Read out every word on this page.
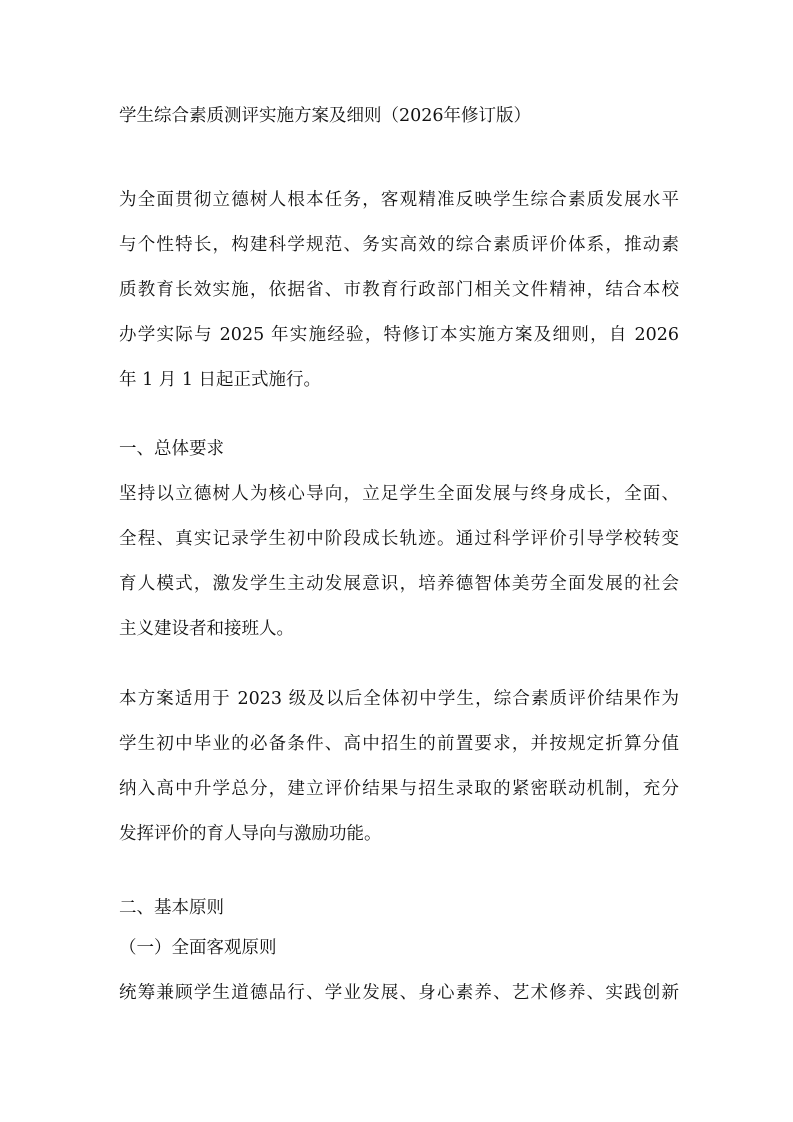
学生综合素质测评实施方案及细则（2026年修订版）
为全面贯彻立德树人根本任务，客观精准反映学生综合素质发展水平
与个性特长，构建科学规范、务实高效的综合素质评价体系，推动素
质教育长效实施，依据省、市教育行政部门相关文件精神，结合本校
办学实际与 2025 年实施经验，特修订本实施方案及细则，自 2026
年 1 月 1 日起正式施行。
一、总体要求
坚持以立德树人为核心导向，立足学生全面发展与终身成长，全面、
全程、真实记录学生初中阶段成长轨迹。通过科学评价引导学校转变
育人模式，激发学生主动发展意识，培养德智体美劳全面发展的社会
主义建设者和接班人。
本方案适用于 2023 级及以后全体初中学生，综合素质评价结果作为
学生初中毕业的必备条件、高中招生的前置要求，并按规定折算分值
纳入高中升学总分，建立评价结果与招生录取的紧密联动机制，充分
发挥评价的育人导向与激励功能。
二、基本原则
（一）全面客观原则
统筹兼顾学生道德品行、学业发展、身心素养、艺术修养、实践创新
